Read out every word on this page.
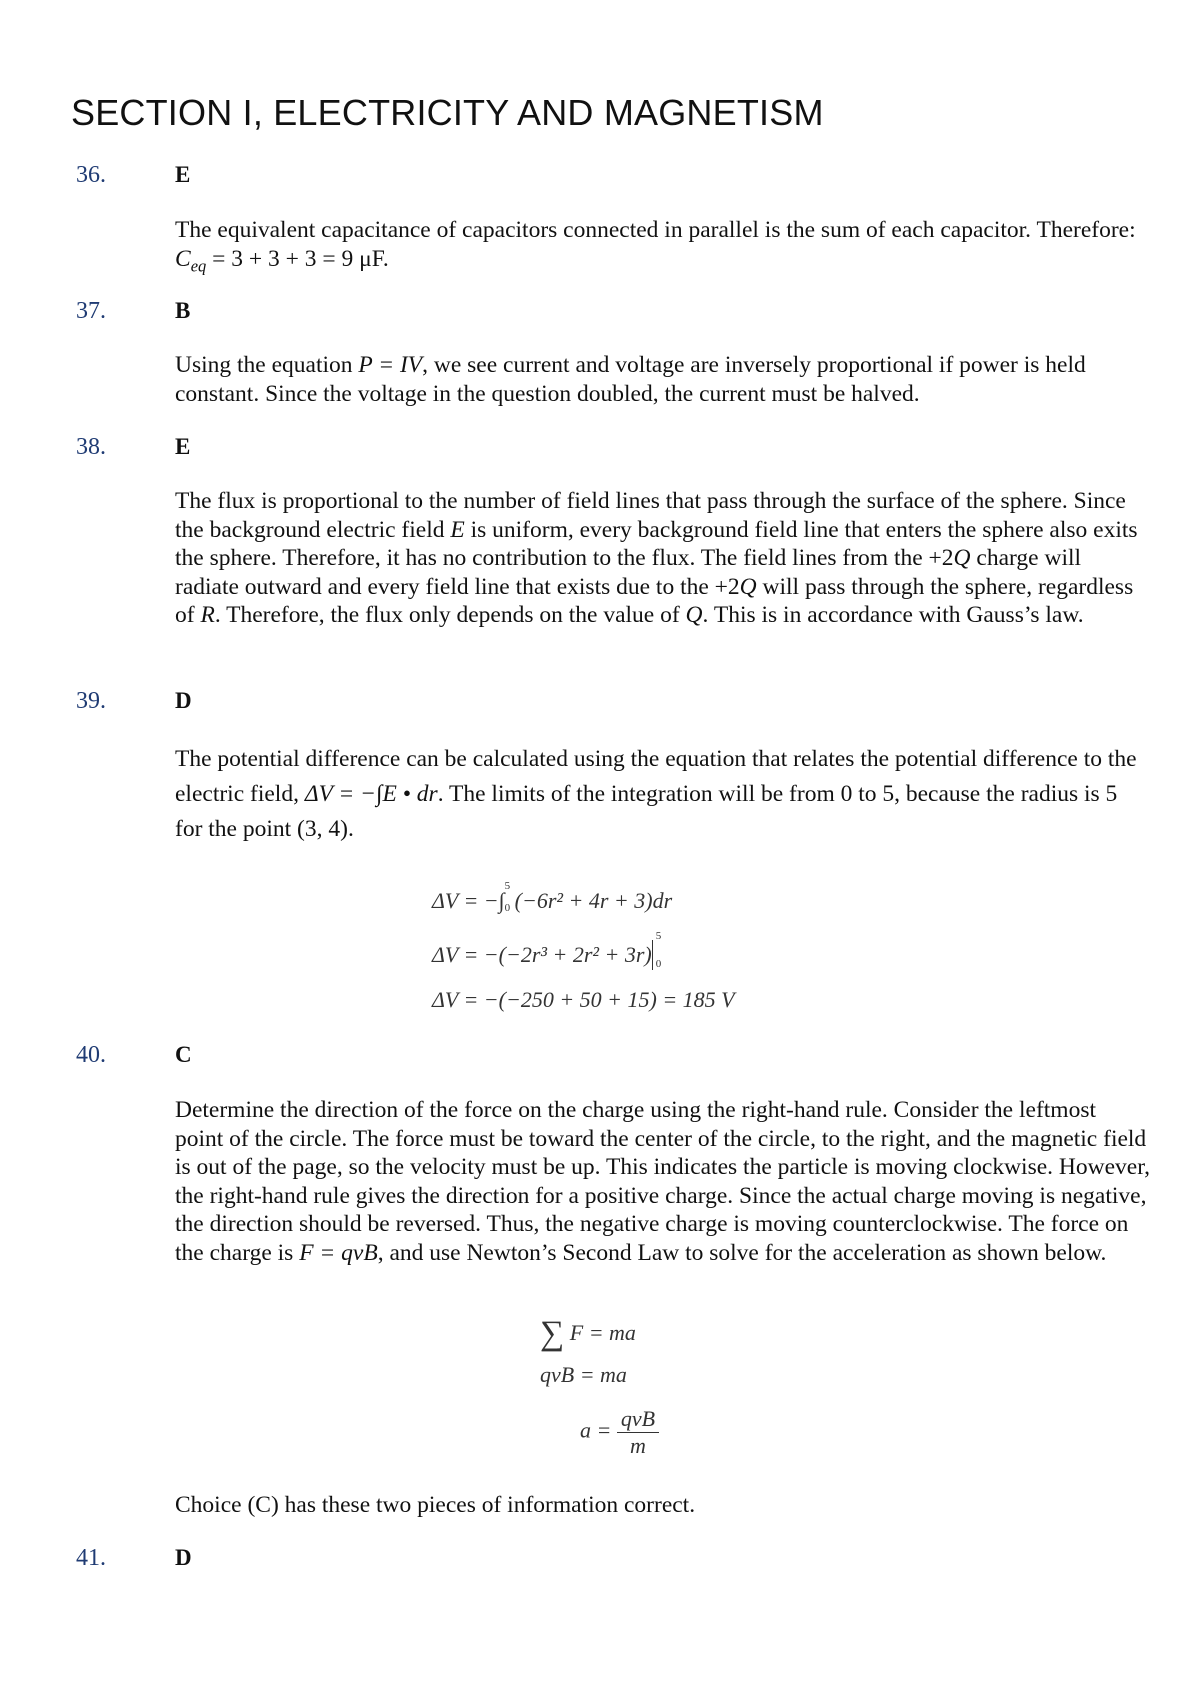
SECTION I, ELECTRICITY AND MAGNETISM
36.	E

The equivalent capacitance of capacitors connected in parallel is the sum of each capacitor. Therefore: $C_{eq} = 3 + 3 + 3 = 9$ μF.

37.	B

Using the equation P = IV, we see current and voltage are inversely proportional if power is held constant. Since the voltage in the question doubled, the current must be halved.

38.	E

The flux is proportional to the number of field lines that pass through the surface of the sphere. Since the background electric field E is uniform, every background field line that enters the sphere also exits the sphere. Therefore, it has no contribution to the flux. The field lines from the +2Q charge will radiate outward and every field line that exists due to the +2Q will pass through the sphere, regardless of R. Therefore, the flux only depends on the value of Q. This is in accordance with Gauss’s law.

39.	D

The potential difference can be calculated using the equation that relates the potential difference to the electric field, ΔV = −∫E • dr. The limits of the integration will be from 0 to 5, because the radius is 5 for the point (3, 4).

ΔV = −∫
5
0 (−6r² + 4r + 3)dr
ΔV = −(−2r³ + 2r² + 3r)
5
0
ΔV = −(−250 + 50 + 15) = 185 V
40.	C

Determine the direction of the force on the charge using the right-hand rule. Consider the leftmost point of the circle. The force must be toward the center of the circle, to the right, and the magnetic field is out of the page, so the velocity must be up. This indicates the particle is moving clockwise. However, the right-hand rule gives the direction for a positive charge. Since the actual charge moving is negative, the direction should be reversed. Thus, the negative charge is moving counterclockwise. The force on the charge is F = qvB, and use Newton’s Second Law to solve for the acceleration as shown below.

∑ F = ma
qvB = ma
$a = \frac{\text{qvB}}{m}$

Choice (C) has these two pieces of information correct.

41.	D
